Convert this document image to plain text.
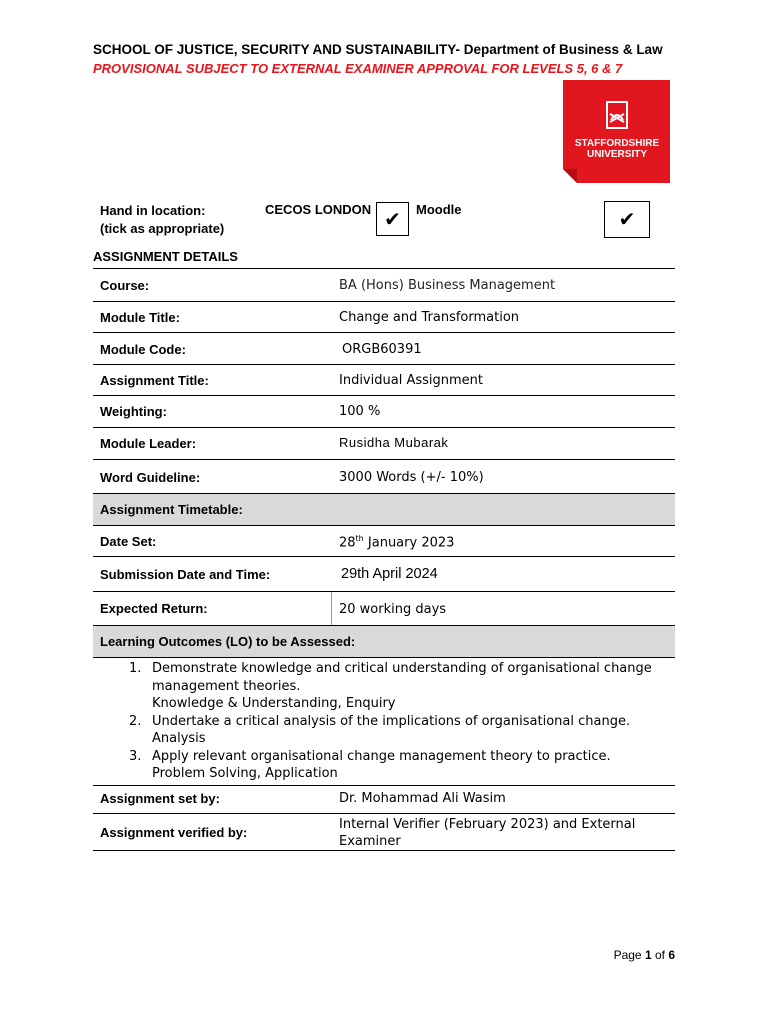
SCHOOL OF JUSTICE, SECURITY AND SUSTAINABILITY- Department of Business & Law
PROVISIONAL SUBJECT TO EXTERNAL EXAMINER APPROVAL FOR LEVELS 5, 6 & 7
STAFFORDSHIRE
UNIVERSITY
Hand in location:
(tick as appropriate)
CECOS LONDON ✔ Moodle	✔
ASSIGNMENT DETAILS
Course:	BA (Hons) Business Management
Module Title:	Change and Transformation
Module Code:	ORGB60391
Assignment Title:	Individual Assignment
Weighting:	100 %
Module Leader:	Rusidha Mubarak
Word Guideline:	3000 Words (+/- 10%)
Assignment Timetable:
Date Set:	28th January 2023
Submission Date and Time:	29th April 2024
Expected Return:	20 working days
Learning Outcomes (LO) to be Assessed:
1. Demonstrate knowledge and critical understanding of organisational change
management theories.
Knowledge & Understanding, Enquiry
2. Undertake a critical analysis of the implications of organisational change.
Analysis
3. Apply relevant organisational change management theory to practice.
Problem Solving, Application
Assignment set by:	Dr. Mohammad Ali Wasim
Assignment verified by:
Internal Verifier (February 2023) and External
Examiner
Page 1 of 6
